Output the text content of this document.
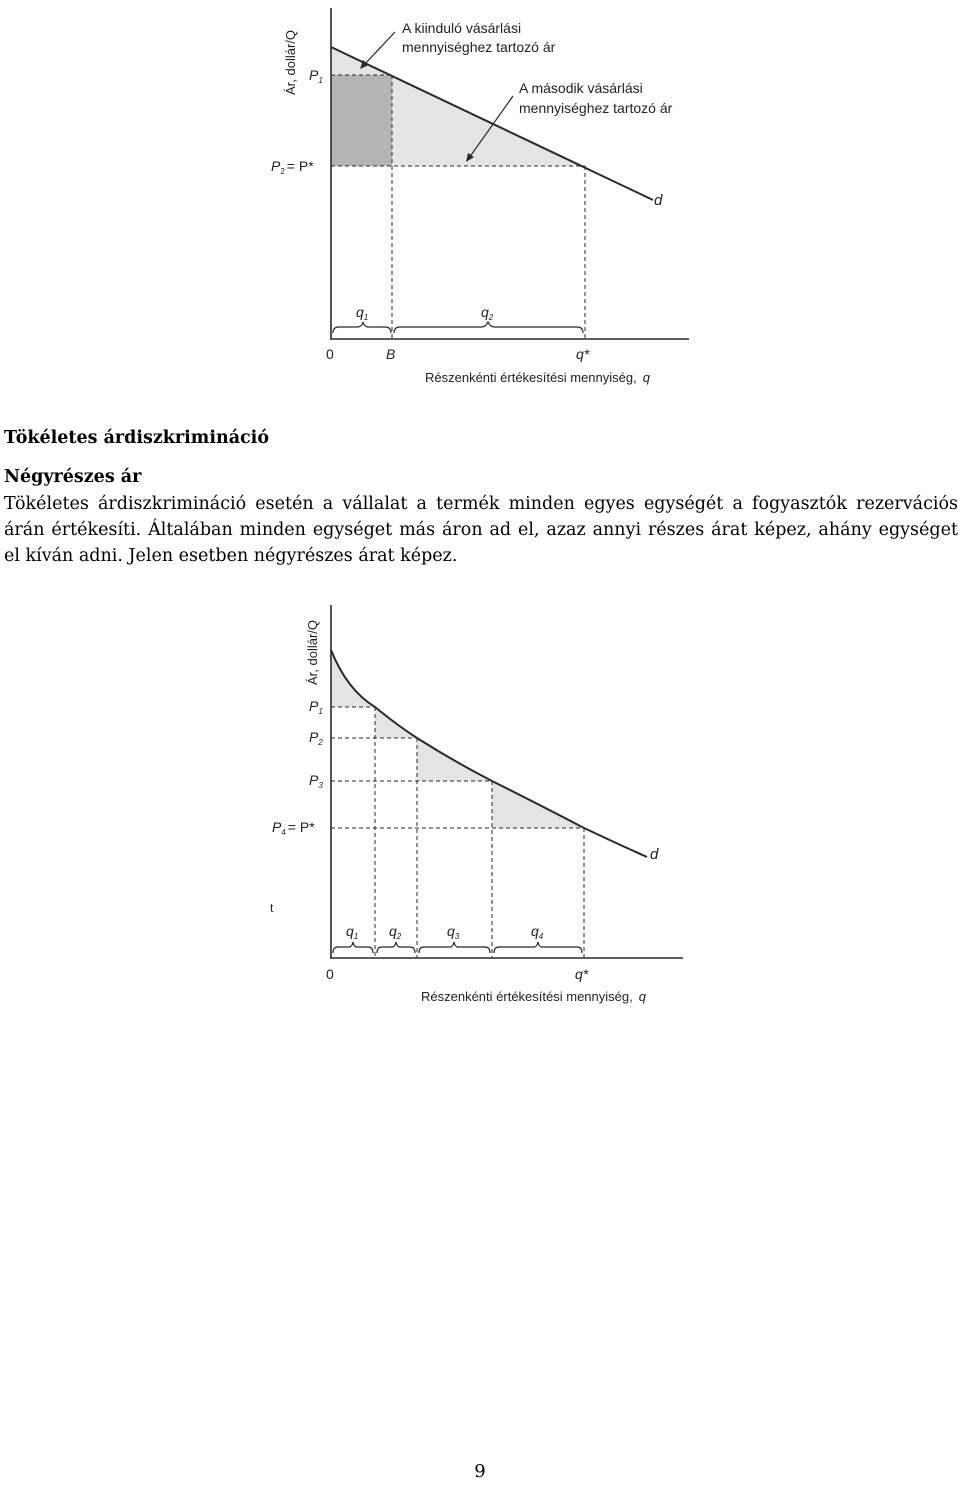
Ár, dollár/Q $P_1$
$P_2 = P*$
A kiinduló vásárlási
mennyiséghez tartozó ár
A második vásárlási
mennyiséghez tartozó ár
d
$q_1$	$q_2$
0	B	q*
Részenkénti értékesítési mennyiség, q
Tökéletes árdiszkrimináció
Négyrészes ár
Tökéletes árdiszkrimináció esetén a vállalat a termék minden egyes egységét a fogyasztók rezervációs árán értékesíti. Általában minden egységet más áron ad el, azaz annyi részes árat képez, ahány egységet el kíván adni. Jelen esetben négyrészes árat képez.
Ár, dollár/Q
$P_1$
$P_2$
$P_3$
$P_4 = P*$
t
d
$q_1$ $q_2$	$q_3$	$q_4$
0	q*
Részenkénti értékesítési mennyiség, q
9
